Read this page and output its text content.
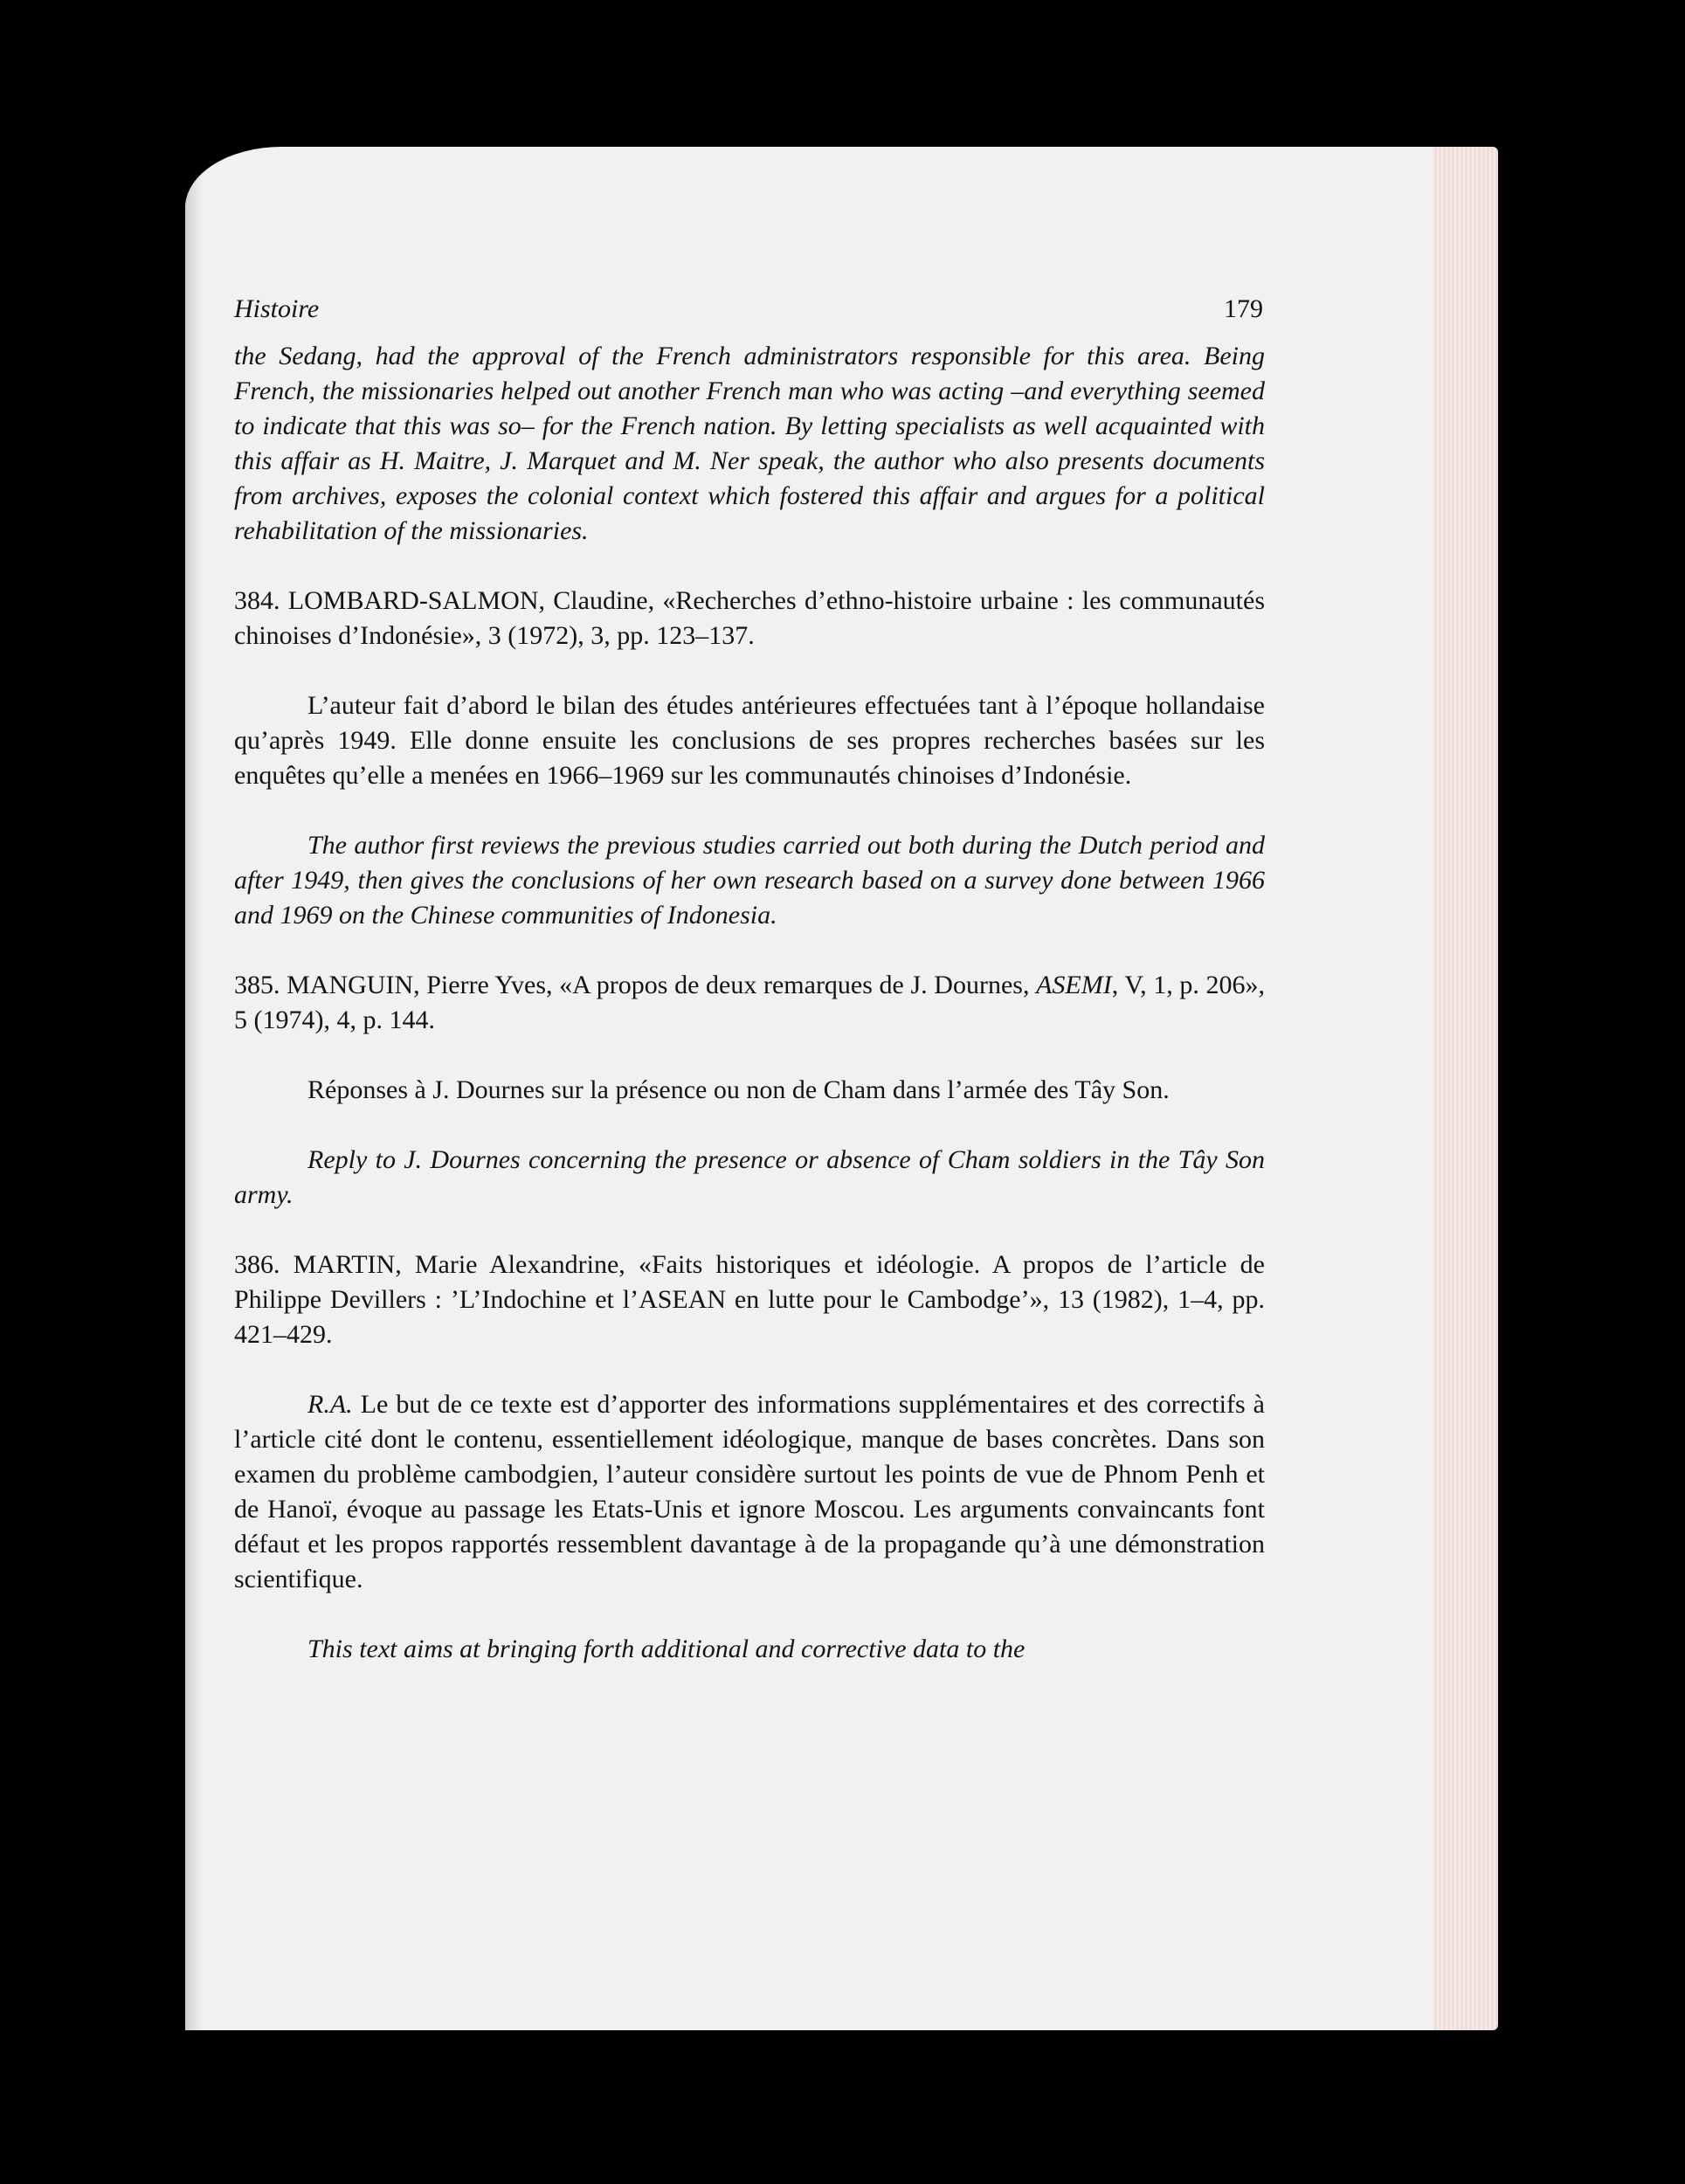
Histoire	179

the Sedang, had the approval of the French administrators responsible for this area. Being French, the missionaries helped out another French man who was acting –and everything seemed to indicate that this was so– for the French nation. By letting specialists as well acquainted with this affair as H. Maitre, J. Marquet and M. Ner speak, the author who also presents documents from archives, exposes the colonial context which fostered this affair and argues for a political rehabilitation of the missionaries.

384. LOMBARD-SALMON, Claudine, «Recherches d’ethno-histoire urbaine : les communautés chinoises d’Indonésie», 3 (1972), 3, pp. 123–137.

L’auteur fait d’abord le bilan des études antérieures effectuées tant à l’époque hollandaise qu’après 1949. Elle donne ensuite les conclusions de ses propres recherches basées sur les enquêtes qu’elle a menées en 1966–1969 sur les communautés chinoises d’Indonésie.

The author first reviews the previous studies carried out both during the Dutch period and after 1949, then gives the conclusions of her own research based on a survey done between 1966 and 1969 on the Chinese communities of Indonesia.

385. MANGUIN, Pierre Yves, «A propos de deux remarques de J. Dournes, ASEMI, V, 1, p. 206», 5 (1974), 4, p. 144.

Réponses à J. Dournes sur la présence ou non de Cham dans l’armée des Tây Son.

Reply to J. Dournes concerning the presence or absence of Cham soldiers in the Tây Son army.

386. MARTIN, Marie Alexandrine, «Faits historiques et idéologie. A propos de l’article de Philippe Devillers : ’L’Indochine et l’ASEAN en lutte pour le Cambodge’», 13 (1982), 1–4, pp. 421–429.

R.A. Le but de ce texte est d’apporter des informations supplémentaires et des correctifs à l’article cité dont le contenu, essentiellement idéologique, manque de bases concrètes. Dans son examen du problème cambodgien, l’auteur considère surtout les points de vue de Phnom Penh et de Hanoï, évoque au passage les Etats-Unis et ignore Moscou. Les arguments convaincants font défaut et les propos rapportés ressemblent davantage à de la propagande qu’à une démonstration scientifique.

This text aims at bringing forth additional and corrective data to the
